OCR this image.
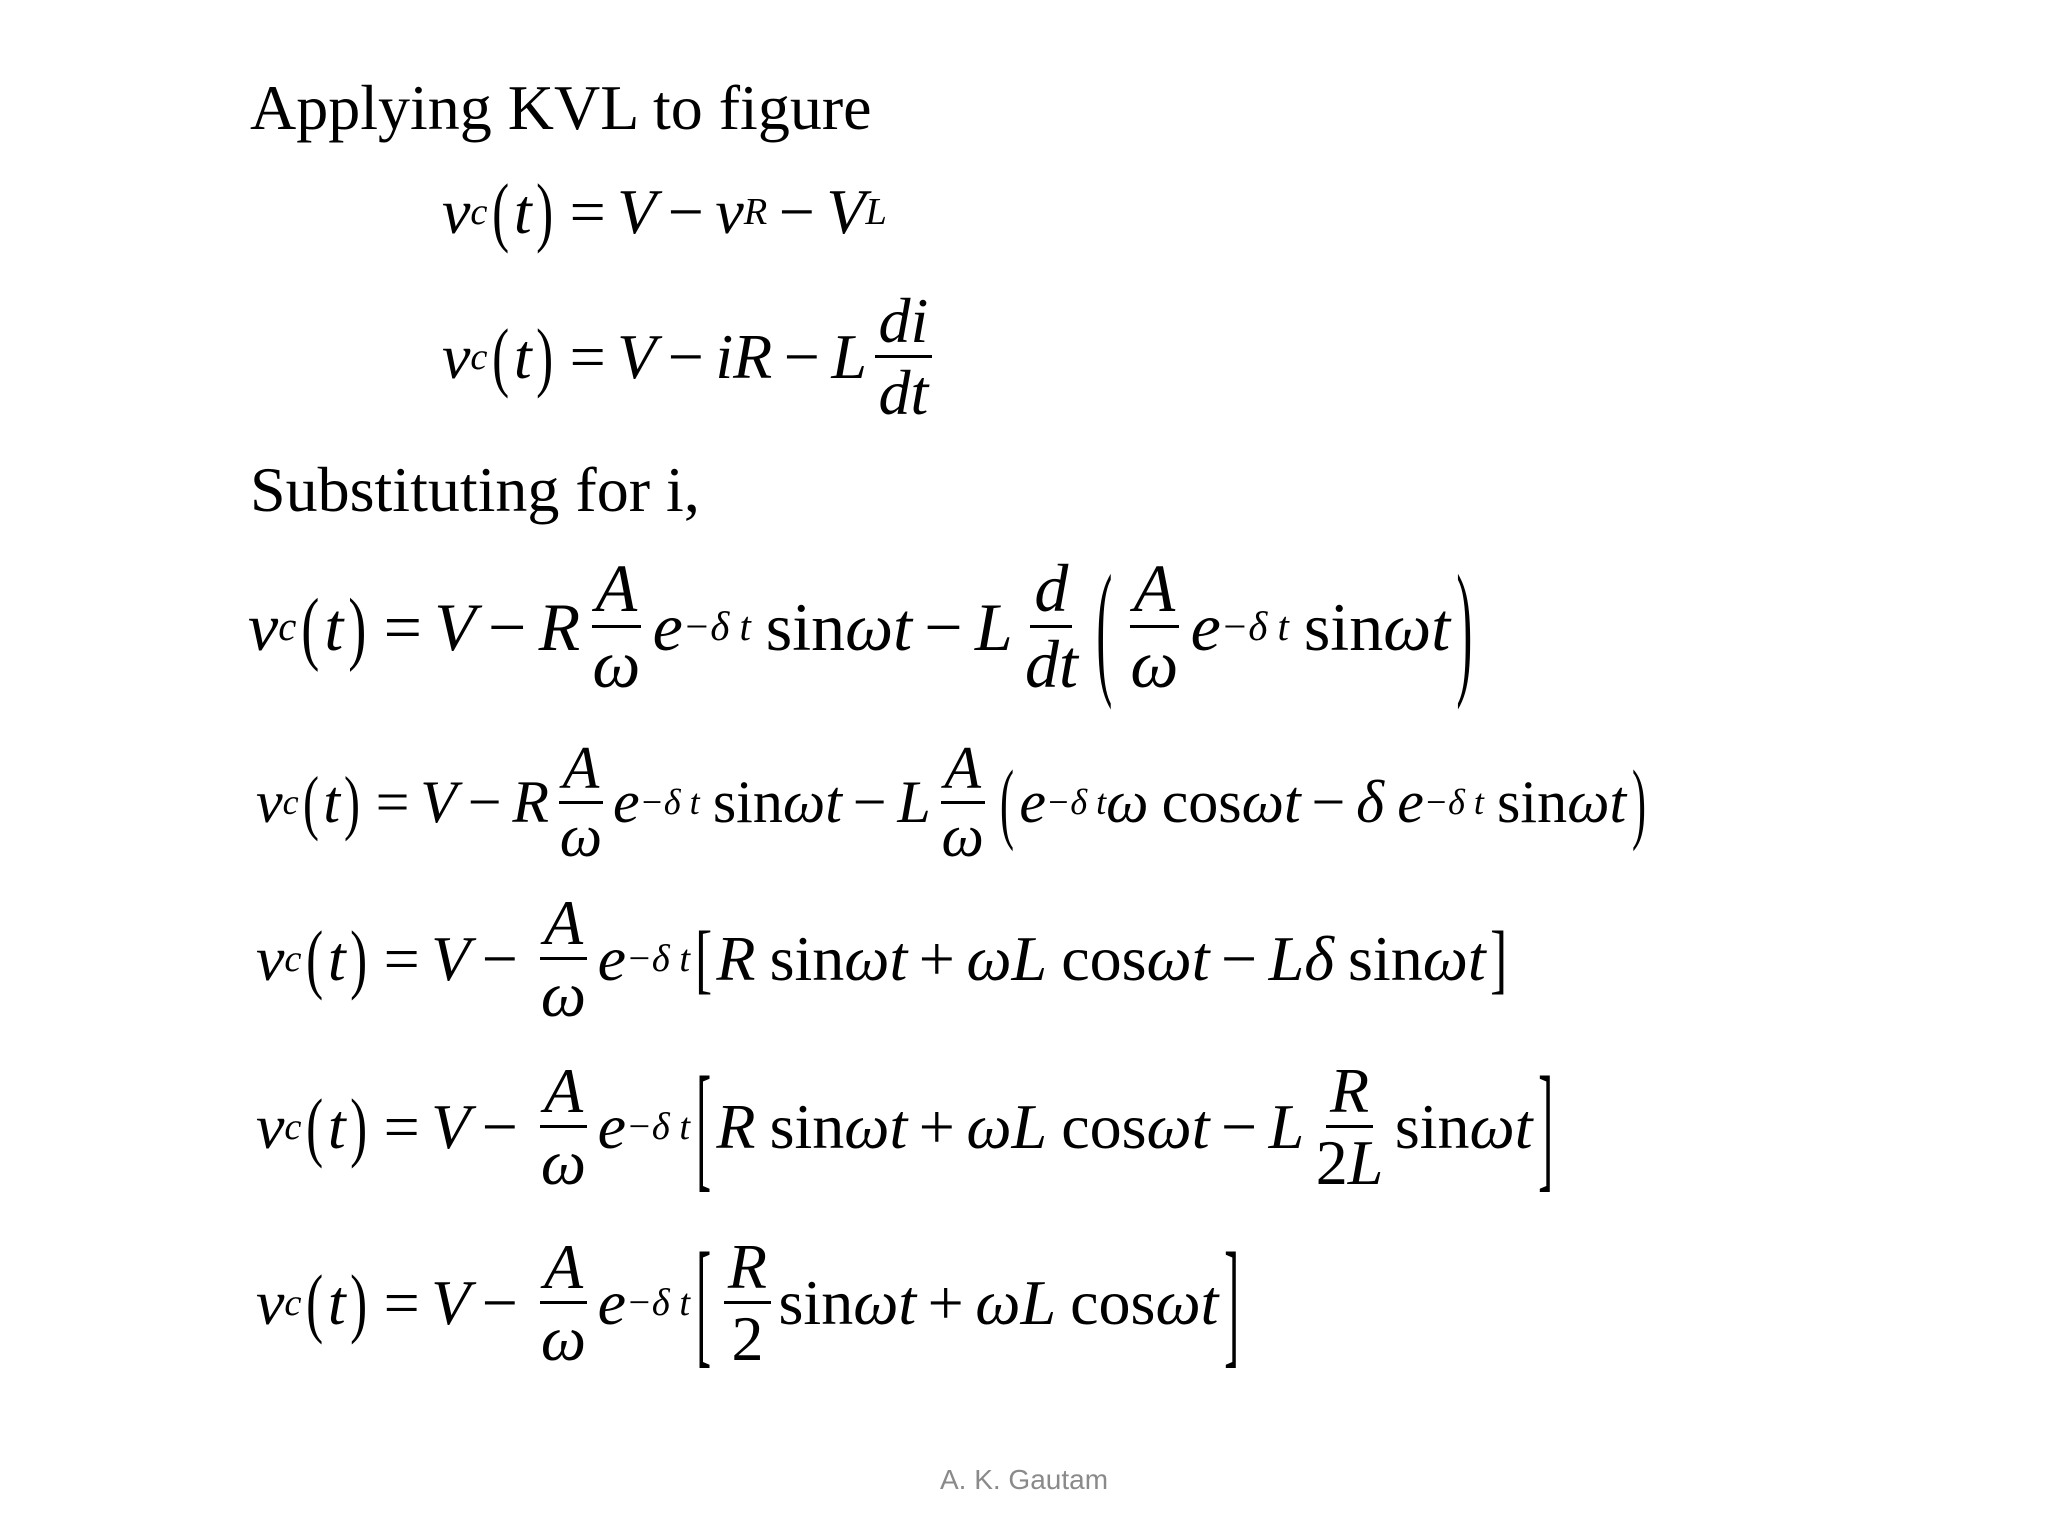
Applying KVL to figure
v c ( t ) = V − v R − V L
v c ( t ) = V − iR − L $\frac{di}{dt}$
Substituting for i,
v c ( t ) = V − R $\frac{A}{\omega}$ e −δ t sin ωt − L $\frac{d}{dt}$ ( $\frac{A}{\omega}$ e −δ t sin ωt )
v c ( t ) = V − R $\frac{A}{\omega}$ e −δ t sin ωt − L $\frac{A}{\omega}$ ( e −δ t ω cos ωt − δ e −δ t sin ωt )
v c ( t ) = $V - \frac{A}{\omega}$ e −δ t [ R sin ωt + ωL cos ωt − Lδ sin ωt ]
v c ( t ) = $V - \frac{A}{\omega}$ e −δ t [ R sin ωt + ωL cos ωt − L $\frac{R}{2L}$ sin ωt ]
v c ( t ) = $V - \frac{A}{\omega}$ e −δ t [ $\frac{R}{2}$ sin ωt + ωL cos ωt ]
A. K. Gautam
